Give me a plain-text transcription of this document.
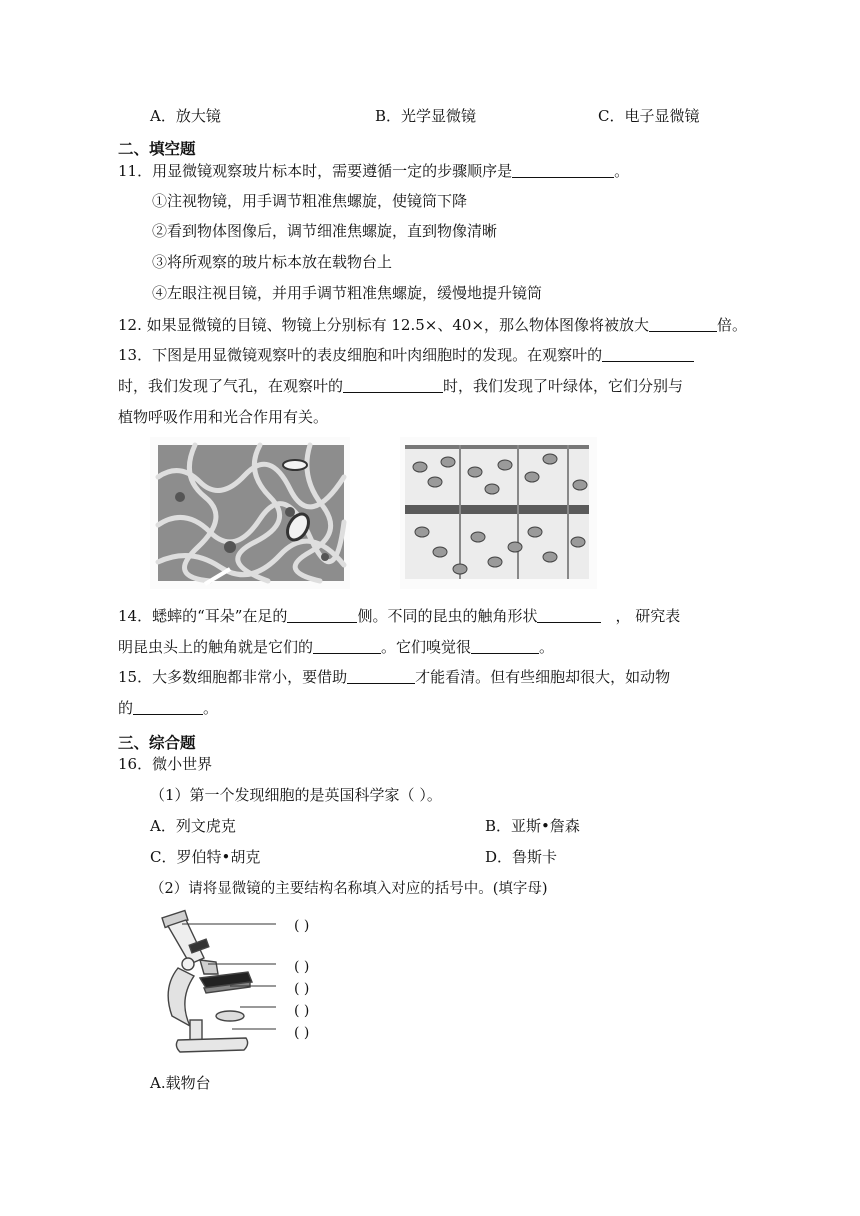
A．放大镜	B．光学显微镜	C．电子显微镜
二、填空题
11．用显微镜观察玻片标本时，需要遵循一定的步骤顺序是	。
①注视物镜，用手调节粗准焦螺旋，使镜筒下降
②看到物体图像后，调节细准焦螺旋，直到物像清晰
③将所观察的玻片标本放在载物台上
④左眼注视目镜，并用手调节粗准焦螺旋，缓慢地提升镜筒
12. 如果显微镜的目镜、物镜上分别标有 12.5×、40×，那么物体图像将被放大	倍。
13．下图是用显微镜观察叶的表皮细胞和叶肉细胞时的发现。在观察叶的
时，我们发现了气孔，在观察叶的	时，我们发现了叶绿体，它们分别与
植物呼吸作用和光合作用有关。
14．蟋蟀的“耳朵”在足的	侧。不同的昆虫的触角形状	， 研究表
明昆虫头上的触角就是它们的	。它们嗅觉很	。
15．大多数细胞都非常小，要借助	才能看清。但有些细胞却很大，如动物
的	。
三、综合题
16．微小世界
（1）第一个发现细胞的是英国科学家（ ）。
A．列文虎克	B．亚斯•詹森
C．罗伯特•胡克	D．鲁斯卡
（2）请将显微镜的主要结构名称填入对应的括号中。(填字母)
( )
( )
( )
( )
( )
A.载物台
